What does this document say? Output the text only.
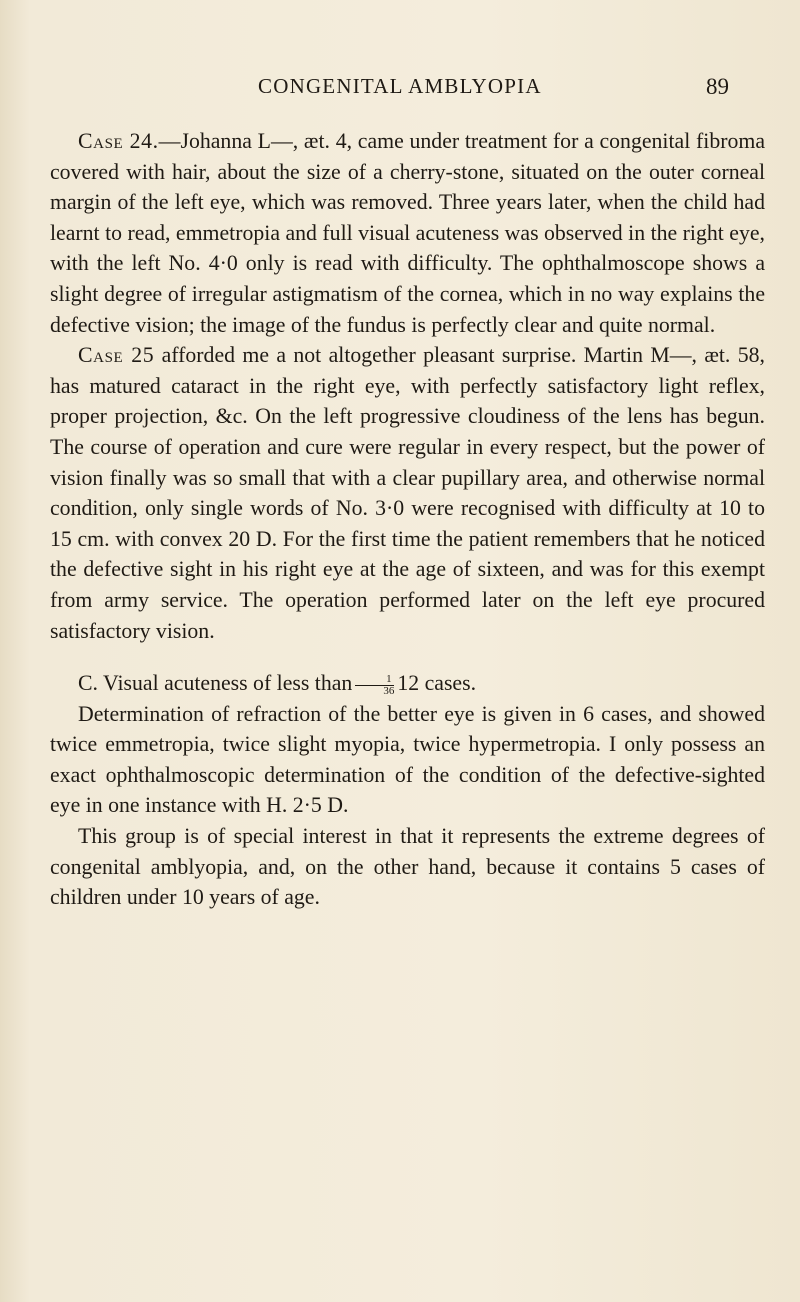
CONGENITAL AMBLYOPIA	89

Case 24.—Johanna L—, æt. 4, came under treatment for a congenital fibroma covered with hair, about the size of a cherry-stone, situated on the outer corneal margin of the left eye, which was removed. Three years later, when the child had learnt to read, emmetropia and full visual acuteness was observed in the right eye, with the left No. 4·0 only is read with difficulty. The ophthalmoscope shows a slight degree of irregular astigmatism of the cornea, which in no way explains the defective vision; the image of the fundus is perfectly clear and quite normal.

Case 25 afforded me a not altogether pleasant surprise. Martin M—, æt. 58, has matured cataract in the right eye, with perfectly satisfactory light reflex, proper projection, &c. On the left progressive cloudiness of the lens has begun. The course of operation and cure were regular in every respect, but the power of vision finally was so small that with a clear pupillary area, and otherwise normal condition, only single words of No. 3·0 were recognised with difficulty at 10 to 15 cm. with convex 20 D. For the first time the patient remembers that he noticed the defective sight in his right eye at the age of sixteen, and was for this exempt from army service. The operation performed later on the left eye procured satisfactory vision.

C. Visual acuteness of less than $\frac{1}{36} 12$ cases.

Determination of refraction of the better eye is given in 6 cases, and showed twice emmetropia, twice slight myopia, twice hypermetropia. I only possess an exact ophthalmoscopic determination of the condition of the defective-sighted eye in one instance with H. 2·5 D.

This group is of special interest in that it represents the extreme degrees of congenital amblyopia, and, on the other hand, because it contains 5 cases of children under 10 years of age.
